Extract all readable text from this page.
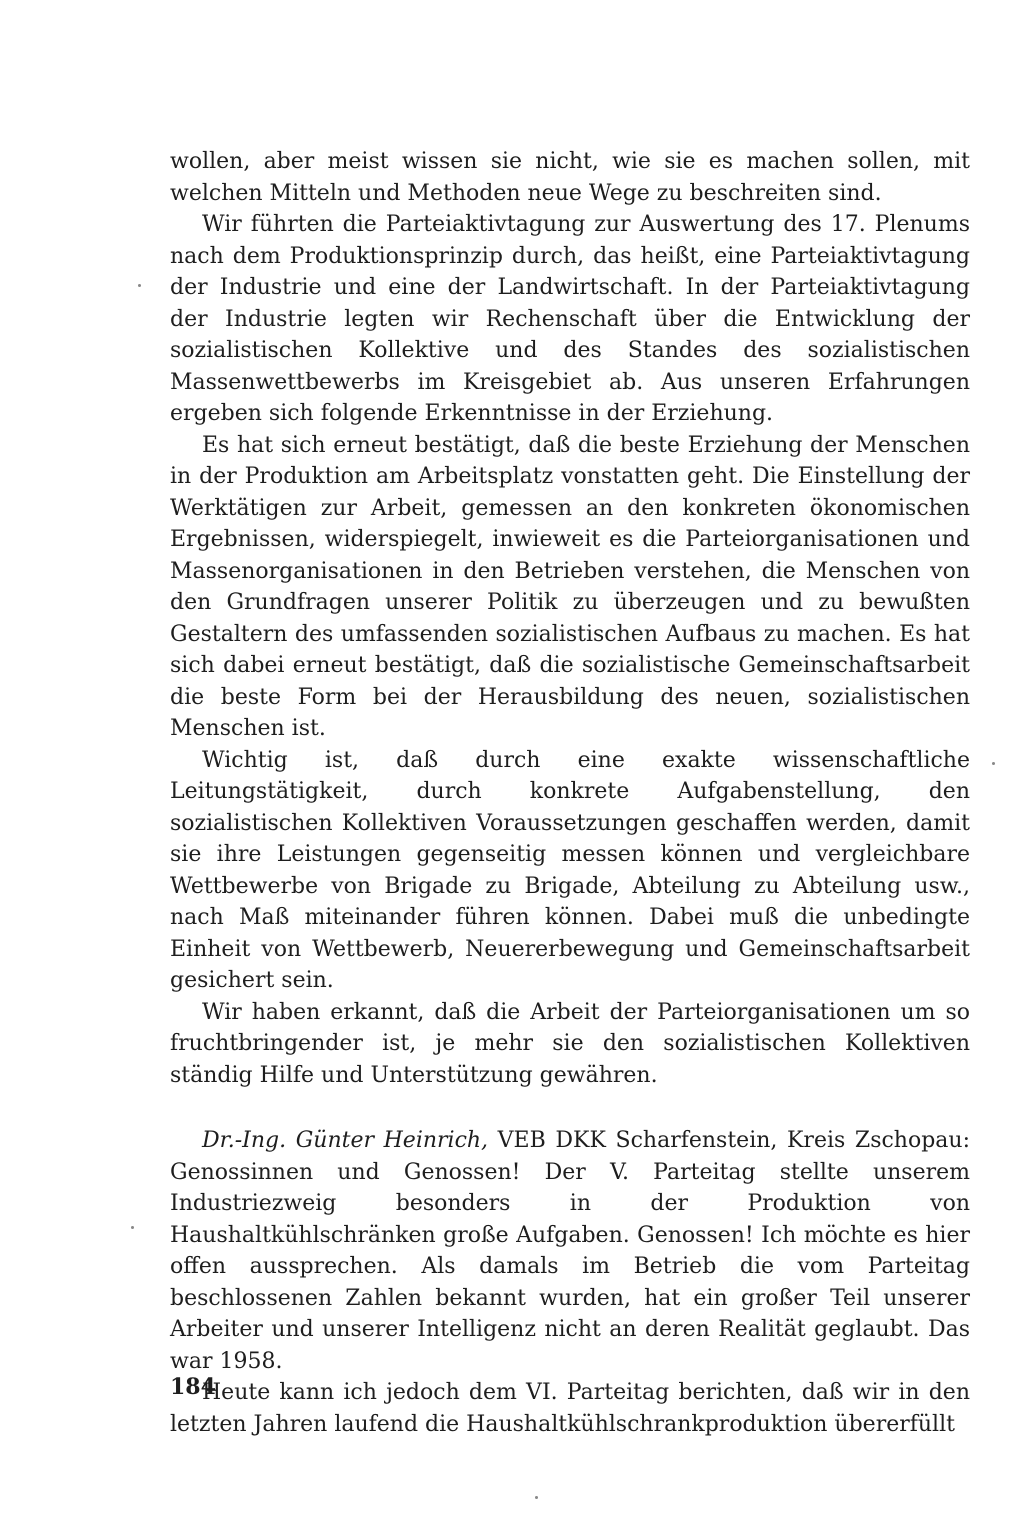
wollen, aber meist wissen sie nicht, wie sie es machen sollen, mit welchen Mitteln und Methoden neue Wege zu beschreiten sind.

Wir führten die Parteiaktivtagung zur Auswertung des 17. Plenums nach dem Produktionsprinzip durch, das heißt, eine Parteiaktivtagung der Industrie und eine der Landwirtschaft. In der Parteiaktivtagung der Industrie legten wir Rechenschaft über die Entwicklung der sozialistischen Kollektive und des Standes des sozialistischen Massenwettbewerbs im Kreisgebiet ab. Aus unseren Erfahrungen ergeben sich folgende Erkenntnisse in der Erziehung.

Es hat sich erneut bestätigt, daß die beste Erziehung der Menschen in der Produktion am Arbeitsplatz vonstatten geht. Die Einstellung der Werktätigen zur Arbeit, gemessen an den konkreten ökonomischen Ergebnissen, widerspiegelt, inwieweit es die Parteiorganisationen und Massenorganisationen in den Betrieben verstehen, die Menschen von den Grundfragen unserer Politik zu überzeugen und zu bewußten Gestaltern des umfassenden sozialistischen Aufbaus zu machen. Es hat sich dabei erneut bestätigt, daß die sozialistische Gemeinschaftsarbeit die beste Form bei der Herausbildung des neuen, sozialistischen Menschen ist.

Wichtig ist, daß durch eine exakte wissenschaftliche Leitungstätigkeit, durch konkrete Aufgabenstellung, den sozialistischen Kollektiven Voraussetzungen geschaffen werden, damit sie ihre Leistungen gegenseitig messen können und vergleichbare Wettbewerbe von Brigade zu Brigade, Abteilung zu Abteilung usw., nach Maß miteinander führen können. Dabei muß die unbedingte Einheit von Wettbewerb, Neuererbewegung und Gemeinschaftsarbeit gesichert sein.

Wir haben erkannt, daß die Arbeit der Parteiorganisationen um so fruchtbringender ist, je mehr sie den sozialistischen Kollektiven ständig Hilfe und Unterstützung gewähren.

Dr.-Ing. Günter Heinrich, VEB DKK Scharfenstein, Kreis Zschopau: Genossinnen und Genossen! Der V. Parteitag stellte unserem Industriezweig besonders in der Produktion von Haushaltkühlschränken große Aufgaben. Genossen! Ich möchte es hier offen aussprechen. Als damals im Betrieb die vom Parteitag beschlossenen Zahlen bekannt wurden, hat ein großer Teil unserer Arbeiter und unserer Intelligenz nicht an deren Realität geglaubt. Das war 1958.

Heute kann ich jedoch dem VI. Parteitag berichten, daß wir in den letzten Jahren laufend die Haushaltkühlschrankproduktion übererfüllt

184
